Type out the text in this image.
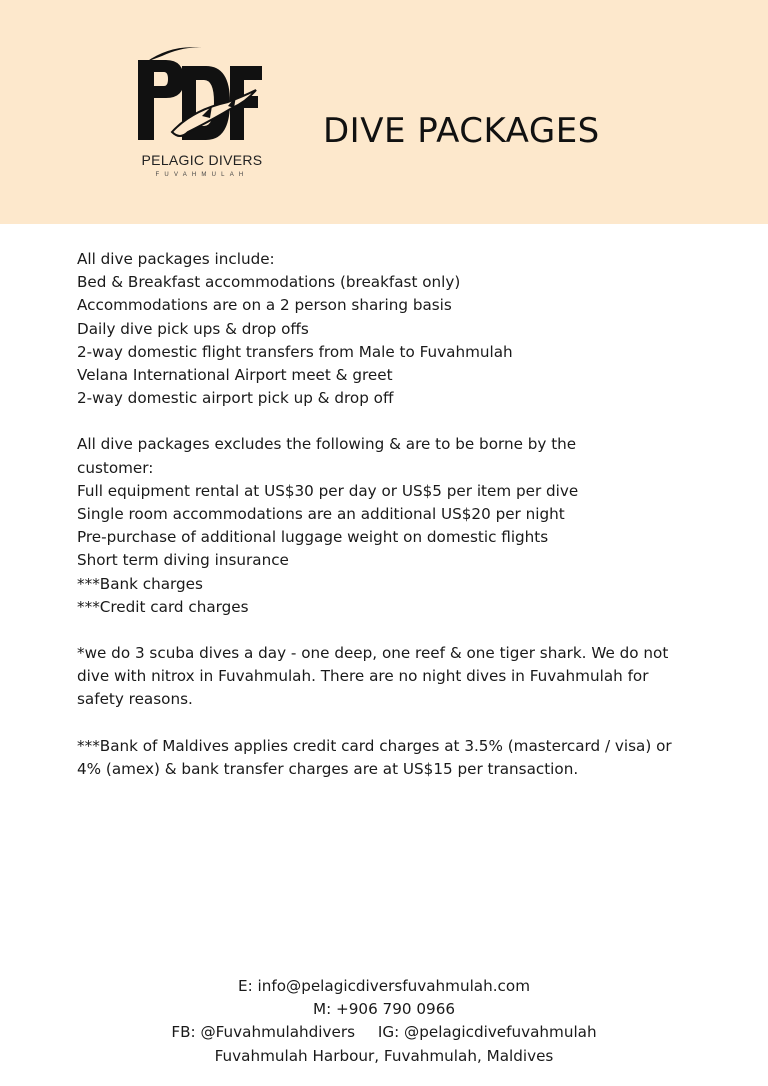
PELAGIC DIVERS
FUVAHMULAH
DIVE PACKAGES
All dive packages include:
Bed & Breakfast accommodations (breakfast only)
Accommodations are on a 2 person sharing basis
Daily dive pick ups & drop offs
2-way domestic flight transfers from Male to Fuvahmulah
Velana International Airport meet & greet
2-way domestic airport pick up & drop off
All dive packages excludes the following & are to be borne by the customer:
Full equipment rental at US$30 per day or US$5 per item per dive
Single room accommodations are an additional US$20 per night
Pre-purchase of additional luggage weight on domestic flights
Short term diving insurance
***Bank charges
***Credit card charges
*we do 3 scuba dives a day - one deep, one reef & one tiger shark. We do not dive with nitrox in Fuvahmulah. There are no night dives in Fuvahmulah for safety reasons.
***Bank of Maldives applies credit card charges at 3.5% (mastercard / visa) or 4% (amex) & bank transfer charges are at US$15 per transaction.
E: info@pelagicdiversfuvahmulah.com
M: +906 790 0966
FB: @Fuvahmulahdivers IG: @pelagicdivefuvahmulah
Fuvahmulah Harbour, Fuvahmulah, Maldives
